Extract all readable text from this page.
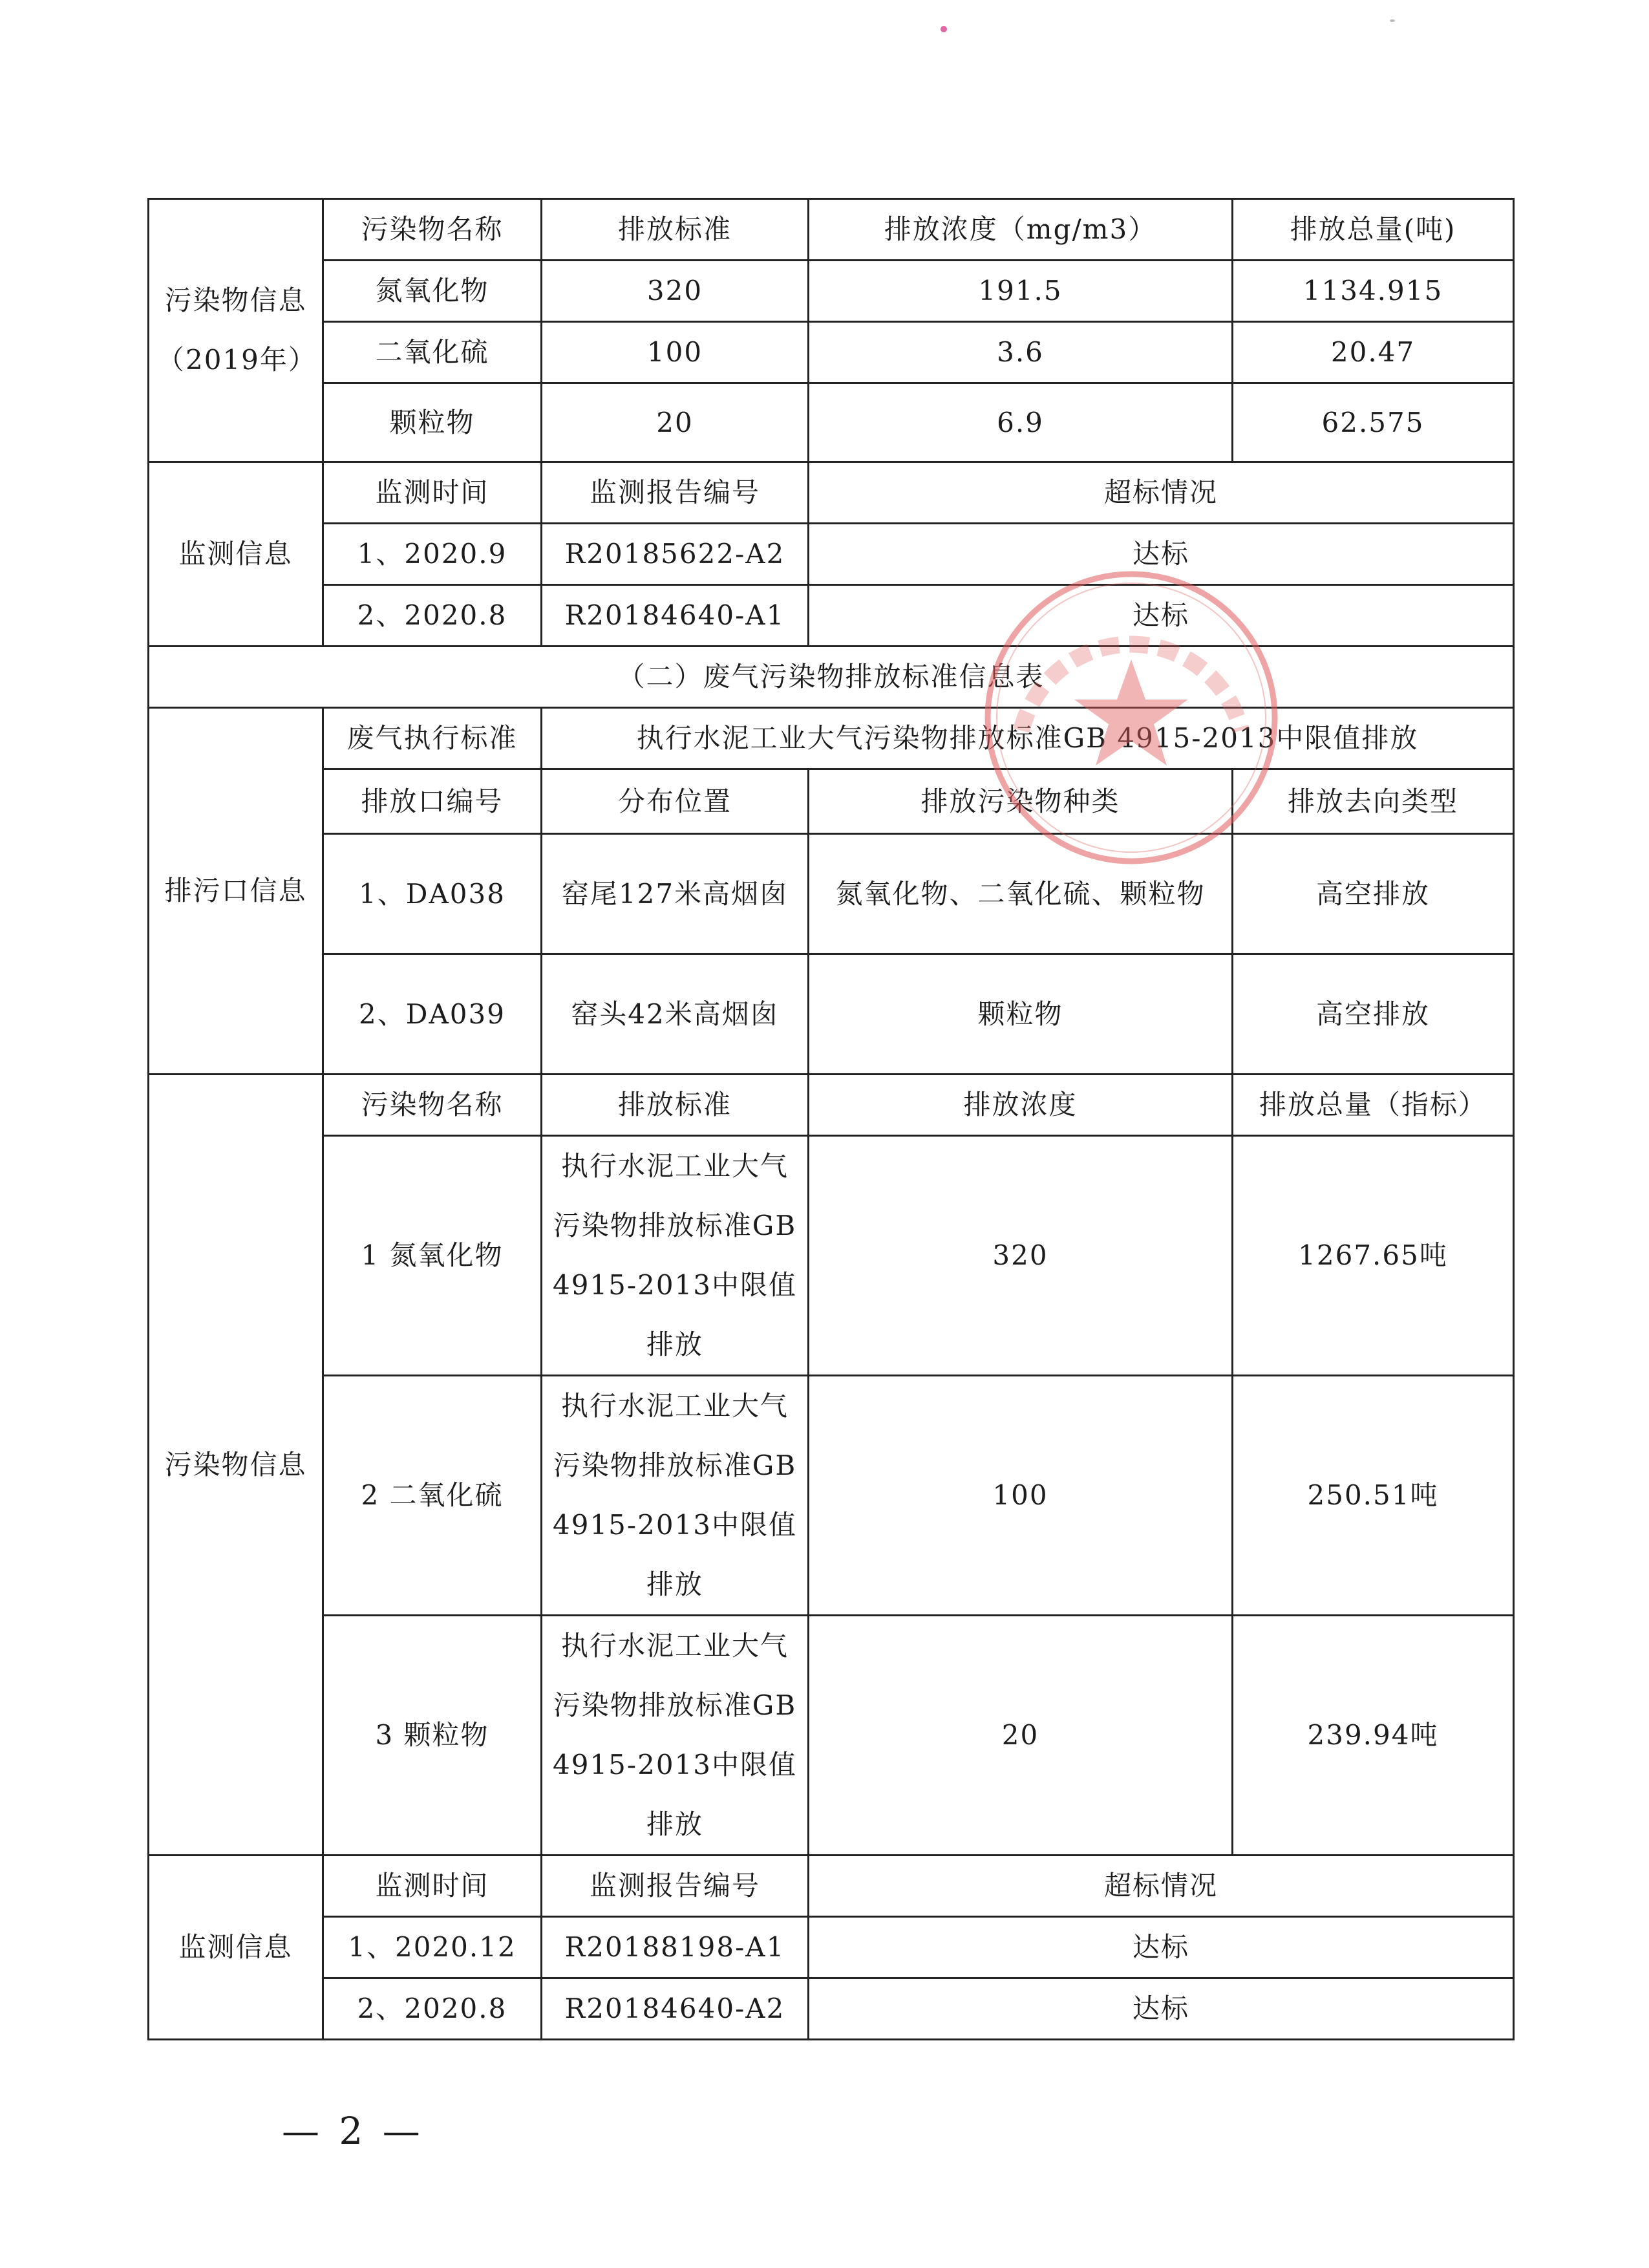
污染物信息（2019年）	污染物名称	排放标准	排放浓度（mg/m3）	排放总量(吨)
	氮氧化物	320	191.5	1134.915
	二氧化硫	100	3.6	20.47
	颗粒物	20	6.9	62.575
监测信息	监测时间	监测报告编号	超标情况	
	1、2020.9	R20185622-A2	达标	
	2、2020.8	R20184640-A1	达标	
（二）废气污染物排放标准信息表				
排污口信息	废气执行标准	执行水泥工业大气污染物排放标准GB 4915-2013中限值排放		
	排放口编号	分布位置	排放污染物种类	排放去向类型
	1、DA038	窑尾127米高烟囱	氮氧化物、二氧化硫、颗粒物	高空排放
	2、DA039	窑头42米高烟囱	颗粒物	高空排放
污染物信息	污染物名称	排放标准	排放浓度	排放总量（指标）
	1 氮氧化物	执行水泥工业大气污染物排放标准GB 4915-2013中限值排放	320	1267.65吨
	2 二氧化硫	执行水泥工业大气污染物排放标准GB 4915-2013中限值排放	100	250.51吨
	3 颗粒物	执行水泥工业大气污染物排放标准GB 4915-2013中限值排放	20	239.94吨
监测信息	监测时间	监测报告编号	超标情况	
	1、2020.12	R20188198-A1	达标	
	2、2020.8	R20184640-A2	达标	
— 2 —
